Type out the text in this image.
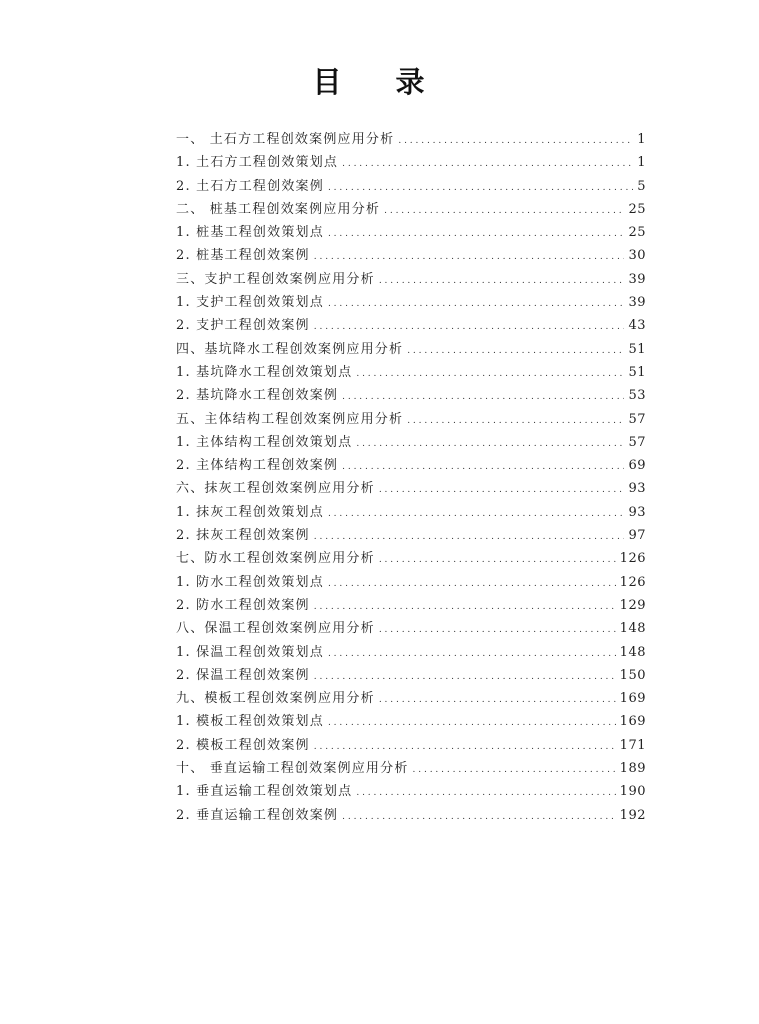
目 录
一、 土石方工程创效案例应用分析 . . .	1
1. 土石方工程创效策划点 . . .	1
2. 土石方工程创效案例 . . .	5
二、 桩基工程创效案例应用分析 . . .	25
1. 桩基工程创效策划点 . . .	25
2. 桩基工程创效案例 . . .	30
三、支护工程创效案例应用分析 . . .	39
1. 支护工程创效策划点 . . .	39
2. 支护工程创效案例 . . .	43
四、基坑降水工程创效案例应用分析 . . .	51
1. 基坑降水工程创效策划点 . . .	51
2. 基坑降水工程创效案例 . . .	53
五、主体结构工程创效案例应用分析 . . .	57
1. 主体结构工程创效策划点 . . .	57
2. 主体结构工程创效案例 . . .	69
六、抹灰工程创效案例应用分析 . . .	93
1. 抹灰工程创效策划点 . . .	93
2. 抹灰工程创效案例 . . .	97
七、防水工程创效案例应用分析 . . .	126
1. 防水工程创效策划点 . . .	126
2. 防水工程创效案例 . . .	129
八、保温工程创效案例应用分析 . . .	148
1. 保温工程创效策划点 . . .	148
2. 保温工程创效案例 . . .	150
九、模板工程创效案例应用分析 . . .	169
1. 模板工程创效策划点 . . .	169
2. 模板工程创效案例 . . .	171
十、 垂直运输工程创效案例应用分析 . . .	189
1. 垂直运输工程创效策划点 . . .	190
2. 垂直运输工程创效案例 . . .	192
